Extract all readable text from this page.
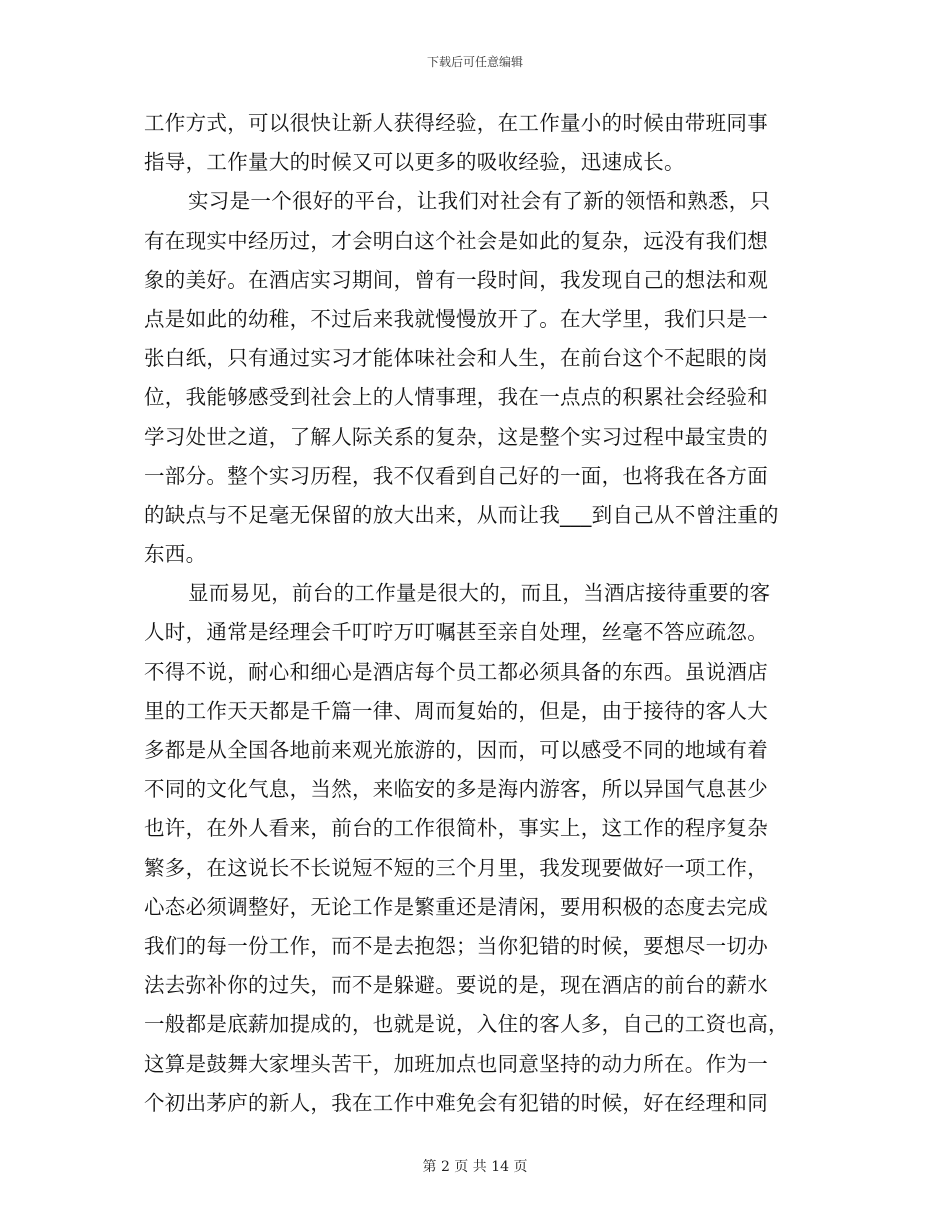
下载后可任意编辑
工作方式，可以很快让新人获得经验，在工作量小的时候由带班同事
指导，工作量大的时候又可以更多的吸收经验，迅速成长。
实习是一个很好的平台，让我们对社会有了新的领悟和熟悉，只
有在现实中经历过，才会明白这个社会是如此的复杂，远没有我们想
象的美好。在酒店实习期间，曾有一段时间，我发现自己的想法和观
点是如此的幼稚，不过后来我就慢慢放开了。在大学里，我们只是一
张白纸，只有通过实习才能体味社会和人生，在前台这个不起眼的岗
位，我能够感受到社会上的人情事理，我在一点点的积累社会经验和
学习处世之道，了解人际关系的复杂，这是整个实习过程中最宝贵的
一部分。整个实习历程，我不仅看到自己好的一面，也将我在各方面
的缺点与不足毫无保留的放大出来，从而让我___到自己从不曾注重的
东西。
显而易见，前台的工作量是很大的，而且，当酒店接待重要的客
人时，通常是经理会千叮咛万叮嘱甚至亲自处理，丝毫不答应疏忽。
不得不说，耐心和细心是酒店每个员工都必须具备的东西。虽说酒店
里的工作天天都是千篇一律、周而复始的，但是，由于接待的客人大
多都是从全国各地前来观光旅游的，因而，可以感受不同的地域有着
不同的文化气息，当然，来临安的多是海内游客，所以异国气息甚少
也许，在外人看来，前台的工作很简朴，事实上，这工作的程序复杂
繁多，在这说长不长说短不短的三个月里，我发现要做好一项工作，
心态必须调整好，无论工作是繁重还是清闲，要用积极的态度去完成
我们的每一份工作，而不是去抱怨；当你犯错的时候，要想尽一切办
法去弥补你的过失，而不是躲避。要说的是，现在酒店的前台的薪水
一般都是底薪加提成的，也就是说，入住的客人多，自己的工资也高，
这算是鼓舞大家埋头苦干，加班加点也同意坚持的动力所在。作为一
个初出茅庐的新人，我在工作中难免会有犯错的时候，好在经理和同
第 2 页 共 14 页
